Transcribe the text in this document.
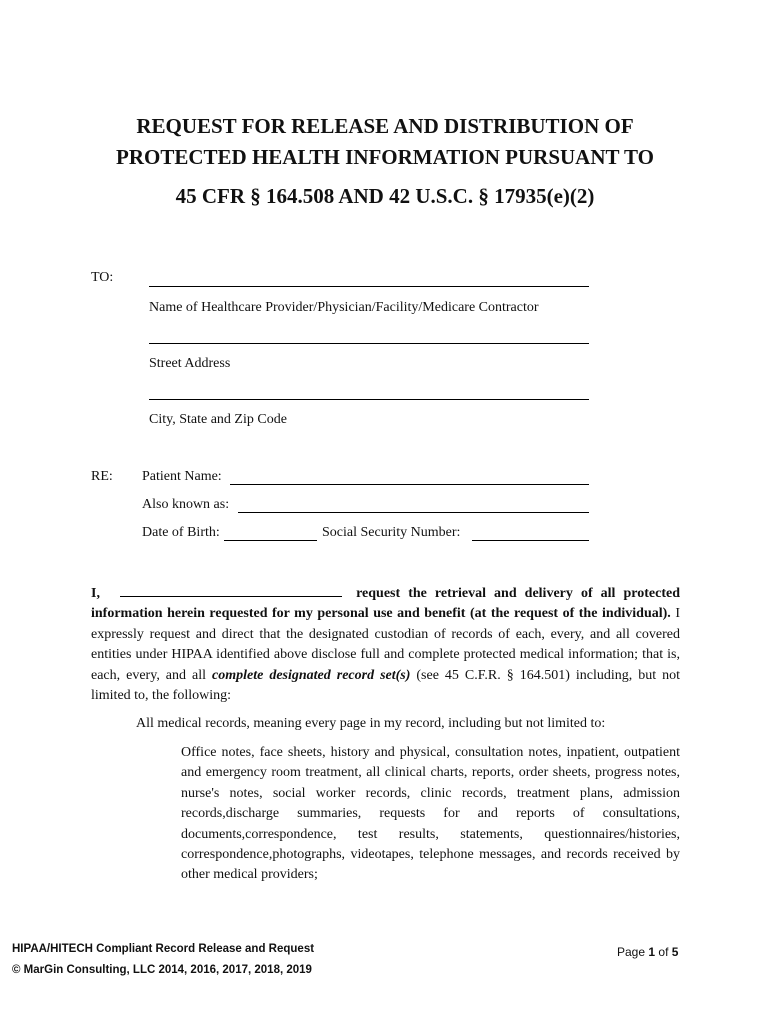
REQUEST FOR RELEASE AND DISTRIBUTION OF
PROTECTED HEALTH INFORMATION PURSUANT TO
45 CFR § 164.508 AND 42 U.S.C. § 17935(e)(2)
TO:
Name of Healthcare Provider/Physician/Facility/Medicare Contractor
Street Address
City, State and Zip Code
RE: Patient Name:
Also known as:
Date of Birth:	Social Security Number:

I,	request the retrieval and delivery of all protected information herein requested for my personal use and benefit (at the request of the individual). I expressly request and direct that the designated custodian of records of each, every, and all covered entities under HIPAA identified above disclose full and complete protected medical information; that is, each, every, and all complete designated record set(s) (see 45 C.F.R. § 164.501) including, but not limited to, the following:

All medical records, meaning every page in my record, including but not limited to:
Office notes, face sheets, history and physical, consultation notes, inpatient, outpatient and emergency room treatment, all clinical charts, reports, order sheets, progress notes, nurse's notes, social worker records, clinic records, treatment plans, admission records,discharge summaries, requests for and reports of consultations, documents,correspondence, test results, statements, questionnaires/histories, correspondence,photographs, videotapes, telephone messages, and records received by other medical providers;
HIPAA/HITECH Compliant Record Release and Request
© MarGin Consulting, LLC 2014, 2016, 2017, 2018, 2019
Page 1 of 5
